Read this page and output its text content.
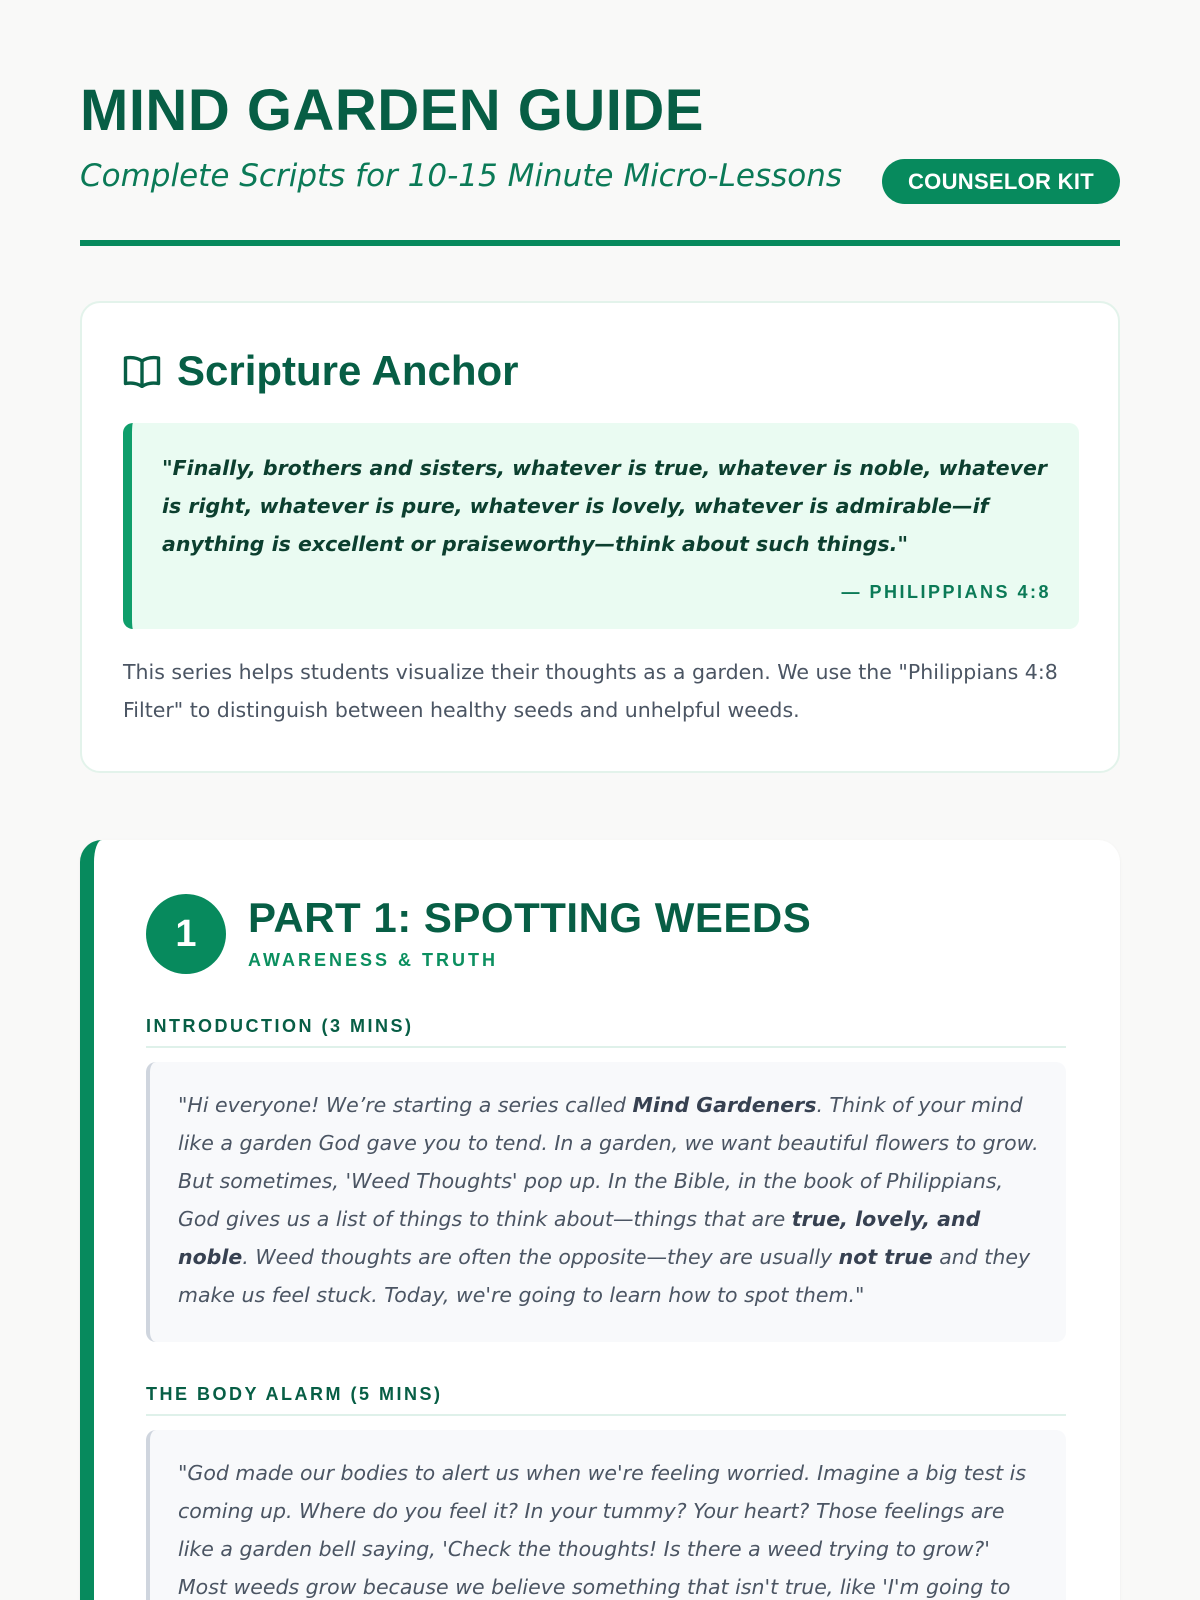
MIND GARDEN GUIDE
Complete Scripts for 10-15 Minute Micro-Lessons	COUNSELOR KIT
Scripture Anchor

"Finally, brothers and sisters, whatever is true, whatever is noble, whatever is right, whatever is pure, whatever is lovely, whatever is admirable—if anything is excellent or praiseworthy—think about such things."

— PHILIPPIANS 4:8

This series helps students visualize their thoughts as a garden. We use the "Philippians 4:8 Filter" to distinguish between healthy seeds and unhelpful weeds.

1	PART 1: SPOTTING WEEDS
AWARENESS & TRUTH
INTRODUCTION (3 MINS)

"Hi everyone! We’re starting a series called Mind Gardeners. Think of your mind like a garden God gave you to tend. In a garden, we want beautiful flowers to grow. But sometimes, 'Weed Thoughts' pop up. In the Bible, in the book of Philippians, God gives us a list of things to think about—things that are true, lovely, and noble. Weed thoughts are often the opposite—they are usually not true and they make us feel stuck. Today, we're going to learn how to spot them."

THE BODY ALARM (5 MINS)

"God made our bodies to alert us when we're feeling worried. Imagine a big test is coming up. Where do you feel it? In your tummy? Your heart? Those feelings are like a garden bell saying, 'Check the thoughts! Is there a weed trying to grow?' Most weeds grow because we believe something that isn't true, like 'I'm going to
